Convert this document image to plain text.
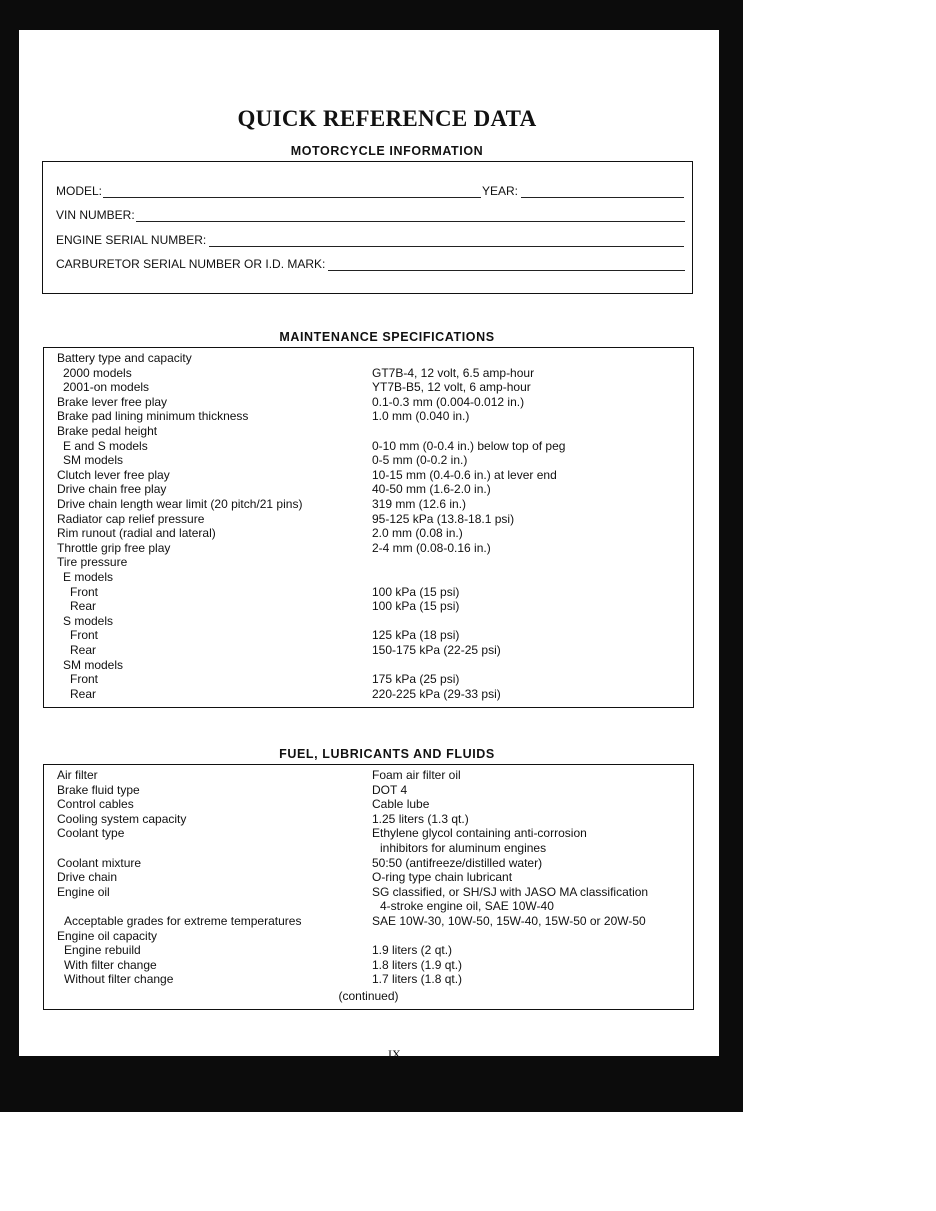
QUICK REFERENCE DATA
MOTORCYCLE INFORMATION
MODEL:	YEAR:
VIN NUMBER:
ENGINE SERIAL NUMBER:
CARBURETOR SERIAL NUMBER OR I.D. MARK:
MAINTENANCE SPECIFICATIONS
Battery type and capacity
2000 models	GT7B-4, 12 volt, 6.5 amp-hour
2001-on models	YT7B-B5, 12 volt, 6 amp-hour
Brake lever free play	0.1-0.3 mm (0.004-0.012 in.)
Brake pad lining minimum thickness	1.0 mm (0.040 in.)
Brake pedal height
E and S models	0-10 mm (0-0.4 in.) below top of peg
SM models	0-5 mm (0-0.2 in.)
Clutch lever free play	10-15 mm (0.4-0.6 in.) at lever end
Drive chain free play	40-50 mm (1.6-2.0 in.)
Drive chain length wear limit (20 pitch/21 pins)	319 mm (12.6 in.)
Radiator cap relief pressure	95-125 kPa (13.8-18.1 psi)
Rim runout (radial and lateral)	2.0 mm (0.08 in.)
Throttle grip free play	2-4 mm (0.08-0.16 in.)
Tire pressure
E models
Front	100 kPa (15 psi)
Rear	100 kPa (15 psi)
S models
Front	125 kPa (18 psi)
Rear	150-175 kPa (22-25 psi)
SM models
Front	175 kPa (25 psi)
Rear	220-225 kPa (29-33 psi)
FUEL, LUBRICANTS AND FLUIDS
Air filter	Foam air filter oil
Brake fluid type	DOT 4
Control cables	Cable lube
Cooling system capacity	1.25 liters (1.3 qt.)
Coolant type	Ethylene glycol containing anti-corrosion
inhibitors for aluminum engines
Coolant mixture	50:50 (antifreeze/distilled water)
Drive chain	O-ring type chain lubricant
Engine oil	SG classified, or SH/SJ with JASO MA classification
4-stroke engine oil, SAE 10W-40
Acceptable grades for extreme temperatures	SAE 10W-30, 10W-50, 15W-40, 15W-50 or 20W-50
Engine oil capacity
Engine rebuild	1.9 liters (2 qt.)
With filter change	1.8 liters (1.9 qt.)
Without filter change	1.7 liters (1.8 qt.)
(continued)
IX
